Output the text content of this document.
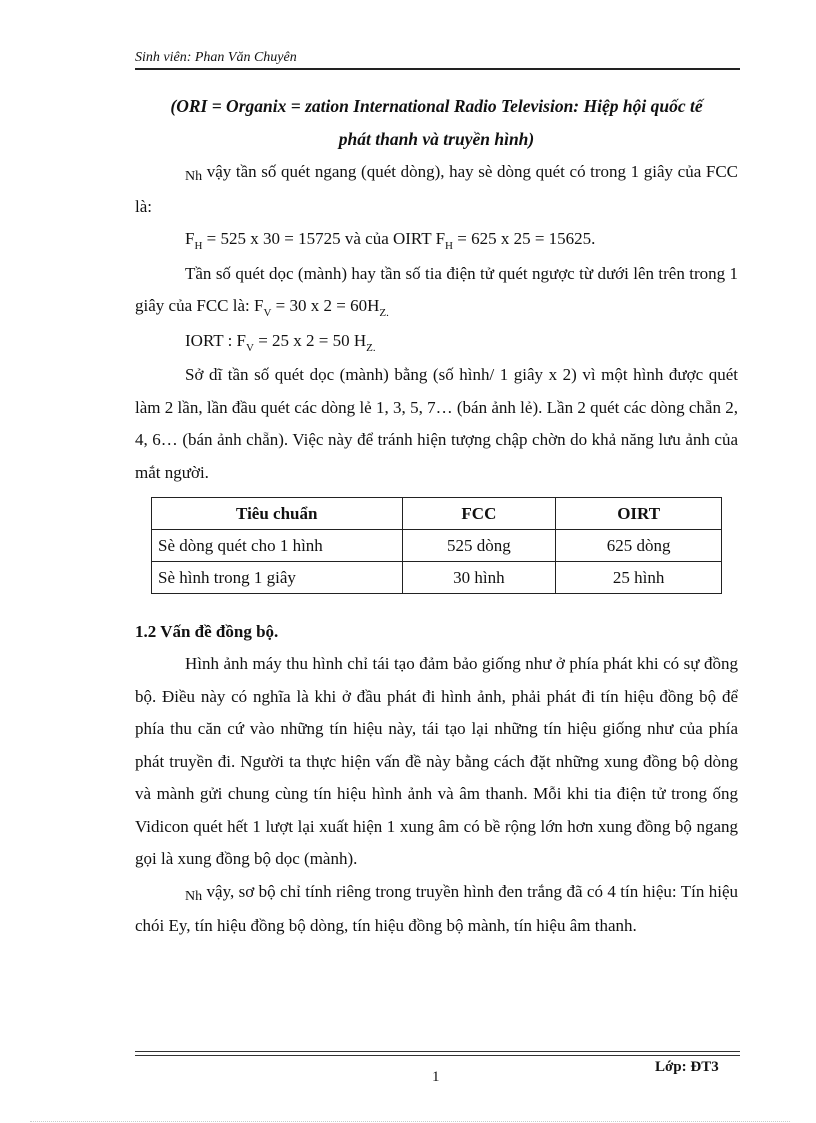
Sinh viên: Phan Văn Chuyên
(ORI = Organix = zation International Radio Television: Hiệp hội quốc tế
phát thanh và truyền hình)

Nh vậy tần số quét ngang (quét dòng), hay sè dòng quét có trong 1 giây của FCC là:

$F_H = 525$ x 30 = 15725 và của OIRT $F_H = 625$ x 25 = 15625.

Tần số quét dọc (mành) hay tần số tia điện tử quét ngược từ dưới lên trên trong 1 giây của FCC là: $F_V = 30$ x $2 = 60H_{Z.}$

IORT : $F_V = 25$ x 2 = 50 $H_{Z.}$

Sở dĩ tần số quét dọc (mành) bằng (số hình/ 1 giây x 2) vì một hình được quét làm 2 lần, lần đầu quét các dòng lẻ 1, 3, 5, 7… (bán ảnh lẻ). Lần 2 quét các dòng chẵn 2, 4, 6… (bán ảnh chẵn). Việc này để tránh hiện tượng chập chờn do khả năng lưu ảnh của mắt người.

Tiêu chuẩn	FCC	OIRT
Sè dòng quét cho 1 hình	525 dòng	625 dòng
Sè hình trong 1 giây	30 hình	25 hình
1.2 Vấn đề đồng bộ.

Hình ảnh máy thu hình chỉ tái tạo đảm bảo giống như ở phía phát khi có sự đồng bộ. Điều này có nghĩa là khi ở đầu phát đi hình ảnh, phải phát đi tín hiệu đồng bộ để phía thu căn cứ vào những tín hiệu này, tái tạo lại những tín hiệu giống như của phía phát truyền đi. Người ta thực hiện vấn đề này bằng cách đặt những xung đồng bộ dòng và mành gửi chung cùng tín hiệu hình ảnh và âm thanh. Mỗi khi tia điện tử trong ống Vidicon quét hết 1 lượt lại xuất hiện 1 xung âm có bề rộng lớn hơn xung đồng bộ ngang gọi là xung đồng bộ dọc (mành).

Nh vậy, sơ bộ chỉ tính riêng trong truyền hình đen trắng đã có 4 tín hiệu: Tín hiệu chói Ey, tín hiệu đồng bộ dòng, tín hiệu đồng bộ mành, tín hiệu âm thanh.

Lớp: ĐT3
1
